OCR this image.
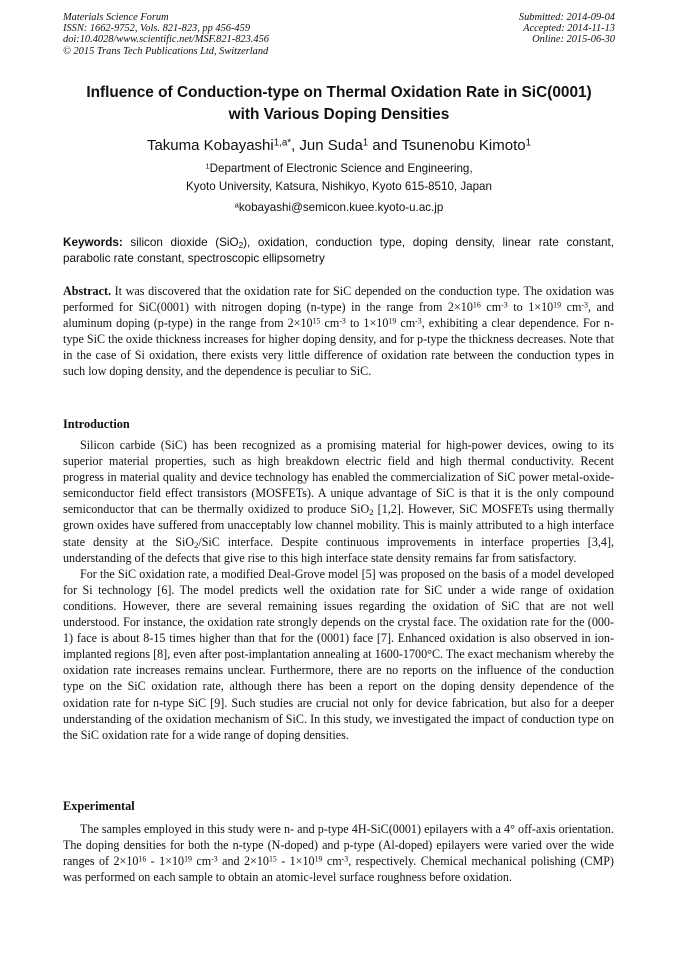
Materials Science Forum
ISSN: 1662-9752, Vols. 821-823, pp 456-459
doi:10.4028/www.scientific.net/MSF.821-823.456
© 2015 Trans Tech Publications Ltd, Switzerland
Submitted: 2014-09-04
Accepted: 2014-11-13
Online: 2015-06-30
Influence of Conduction-type on Thermal Oxidation Rate in SiC(0001)
with Various Doping Densities
Takuma Kobayashi$^{1,a*}$, Jun Suda$^1$ and Tsunenobu Kimoto$^1$
$^1$Department of Electronic Science and Engineering,
Kyoto University, Katsura, Nishikyo, Kyoto 615-8510, Japan
$^a$kobayashi@semicon.kuee.kyoto-u.ac.jp
Keywords: silicon dioxide (SiO$_2$), oxidation, conduction type, doping density, linear rate constant, parabolic rate constant, spectroscopic ellipsometry
Abstract. It was discovered that the oxidation rate for SiC depended on the conduction type. The oxidation was performed for SiC(0001) with nitrogen doping (n-type) in the range from $2\times 10^{16}$ $cm^{-3}$ to $1\times 10^{19}$ $cm^{-3}$, and aluminum doping (p-type) in the range from $2\times 10^{15}$ $cm^{-3}$ to $1\times 10^{19}$ $cm^{-3}$, exhibiting a clear dependence. For n-type SiC the oxide thickness increases for higher doping density, and for p-type the thickness decreases. Note that in the case of Si oxidation, there exists very little difference of oxidation rate between the conduction types in such low doping density, and the dependence is peculiar to SiC.
Introduction

Silicon carbide (SiC) has been recognized as a promising material for high-power devices, owing to its superior material properties, such as high breakdown electric field and high thermal conductivity. Recent progress in material quality and device technology has enabled the commercialization of SiC power metal-oxide-semiconductor field effect transistors (MOSFETs). A unique advantage of SiC is that it is the only compound semiconductor that can be thermally oxidized to produce SiO$_2$ [1,2]. However, SiC MOSFETs using thermally grown oxides have suffered from unacceptably low channel mobility. This is mainly attributed to a high interface state density at the SiO$_2$/SiC interface. Despite continuous improvements in interface properties [3,4], understanding of the defects that give rise to this high interface state density remains far from satisfactory.

For the SiC oxidation rate, a modified Deal-Grove model [5] was proposed on the basis of a model developed for Si technology [6]. The model predicts well the oxidation rate for SiC under a wide range of oxidation conditions. However, there are several remaining issues regarding the oxidation of SiC that are not well understood. For instance, the oxidation rate strongly depends on the crystal face. The oxidation rate for the (000-1) face is about 8-15 times higher than that for the (0001) face [7]. Enhanced oxidation is also observed in ion-implanted regions [8], even after post-implantation annealing at 1600-1700°C. The exact mechanism whereby the oxidation rate increases remains unclear. Furthermore, there are no reports on the influence of the conduction type on the SiC oxidation rate, although there has been a report on the doping density dependence of the oxidation rate for n-type SiC [9]. Such studies are crucial not only for device fabrication, but also for a deeper understanding of the oxidation mechanism of SiC. In this study, we investigated the impact of conduction type on the SiC oxidation rate for a wide range of doping densities.

Experimental

The samples employed in this study were n- and p-type 4H-SiC(0001) epilayers with a 4° off-axis orientation. The doping densities for both the n-type (N-doped) and p-type (Al-doped) epilayers were varied over the wide ranges of $2\times 10^{16} - 1\times 10^{19}$ $cm^{-3}$ and $2\times 10^{15} - 1\times 10^{19}$ $cm^{-3}$, respectively. Chemical mechanical polishing (CMP) was performed on each sample to obtain an atomic-level surface roughness before oxidation.
